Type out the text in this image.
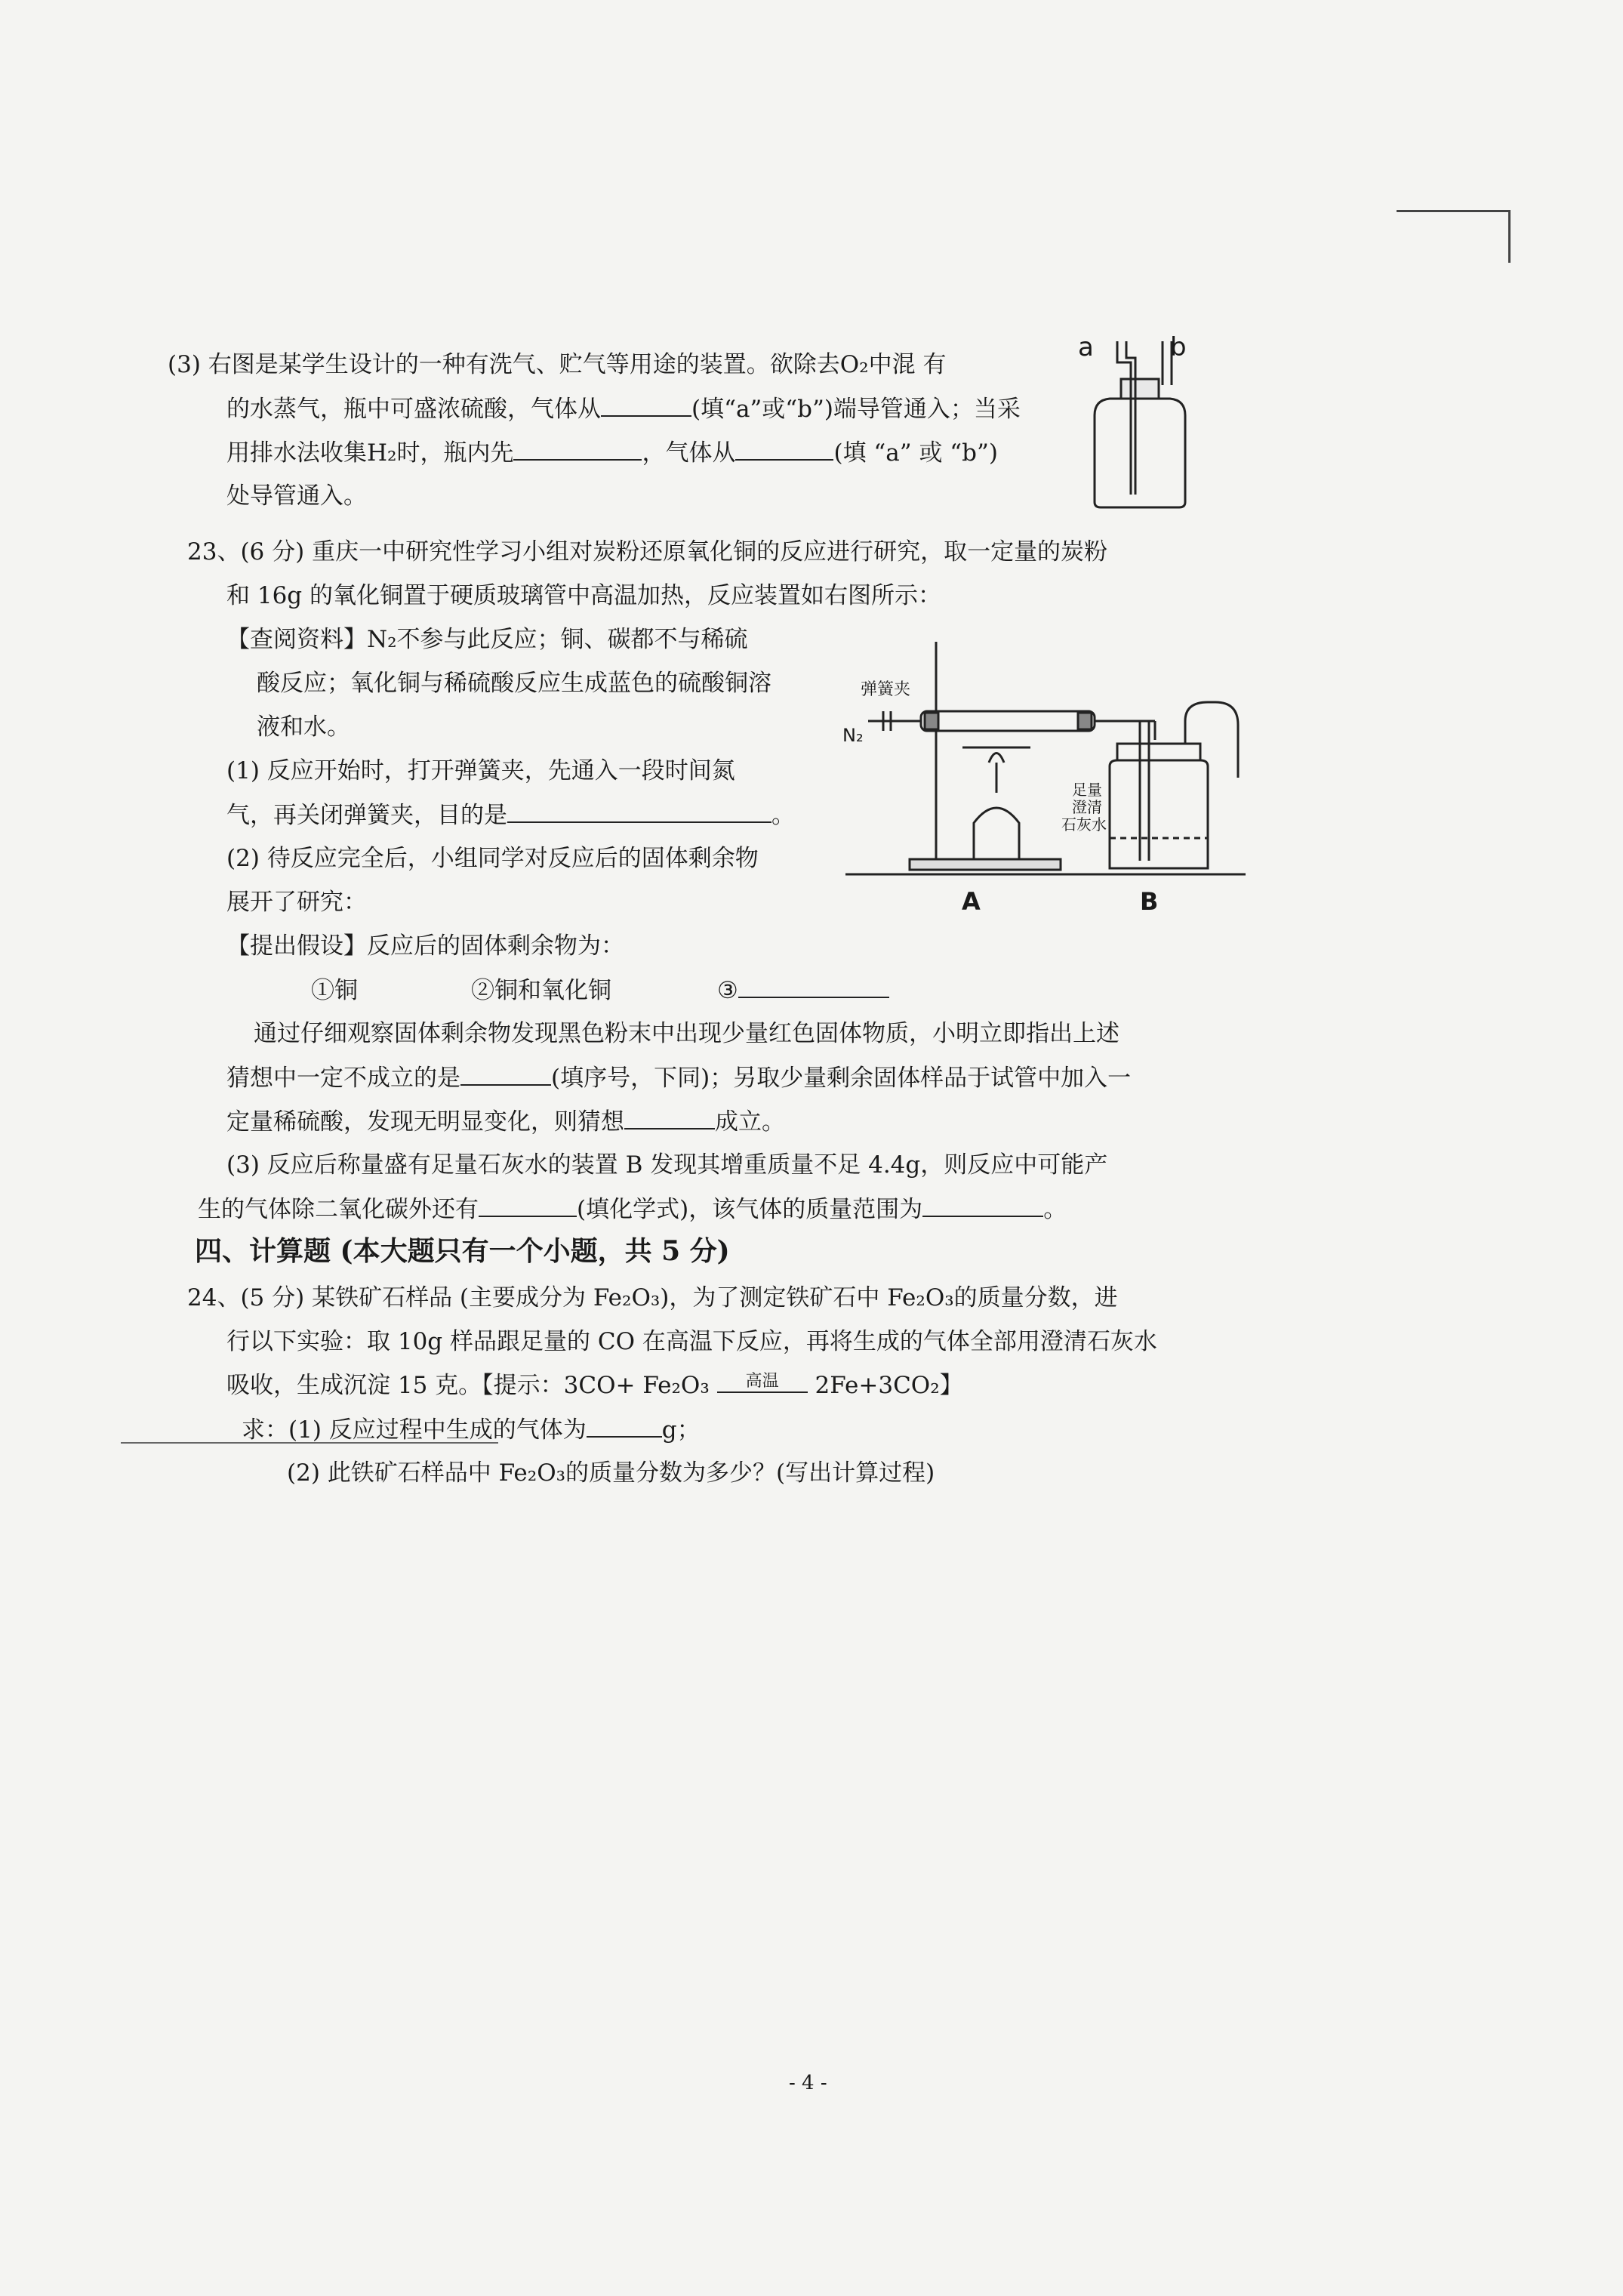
(3) 右图是某学生设计的一种有洗气、贮气等用途的装置。欲除去O₂中混 有
的水蒸气，瓶中可盛浓硫酸，气体从	(填“a”或“b”)端导管通入；当采
用排水法收集H₂时，瓶内先	，气体从	(填 “a” 或 “b”)
处导管通入。
a	b
23、(6 分) 重庆一中研究性学习小组对炭粉还原氧化铜的反应进行研究，取一定量的炭粉
和 16g 的氧化铜置于硬质玻璃管中高温加热，反应装置如右图所示：
【查阅资料】N₂不参与此反应；铜、碳都不与稀硫
酸反应；氧化铜与稀硫酸反应生成蓝色的硫酸铜溶
液和水。
(1) 反应开始时，打开弹簧夹，先通入一段时间氮
气，再关闭弹簧夹，目的是	。
(2) 待反应完全后，小组同学对反应后的固体剩余物
展开了研究：
【提出假设】反应后的固体剩余物为：
①铜	②铜和氧化铜	③
通过仔细观察固体剩余物发现黑色粉末中出现少量红色固体物质，小明立即指出上述
猜想中一定不成立的是	(填序号，下同)；另取少量剩余固体样品于试管中加入一
定量稀硫酸，发现无明显变化，则猜想	成立。
(3) 反应后称量盛有足量石灰水的装置 B 发现其增重质量不足 4.4g，则反应中可能产
生的气体除二氧化碳外还有	(填化学式)，该气体的质量范围为	。
弹簧夹
N₂
足量
澄清
石灰水
A	B
四、计算题 (本大题只有一个小题，共 5 分)
24、(5 分) 某铁矿石样品 (主要成分为 Fe₂O₃)，为了测定铁矿石中 Fe₂O₃的质量分数，进
行以下实验：取 10g 样品跟足量的 CO 在高温下反应，再将生成的气体全部用澄清石灰水
吸收，生成沉淀 15 克。【提示：3CO+ Fe₂O₃	高温	2Fe+3CO₂】
求：(1) 反应过程中生成的气体为	g；
(2) 此铁矿石样品中 Fe₂O₃的质量分数为多少？(写出计算过程)
- 4 -
